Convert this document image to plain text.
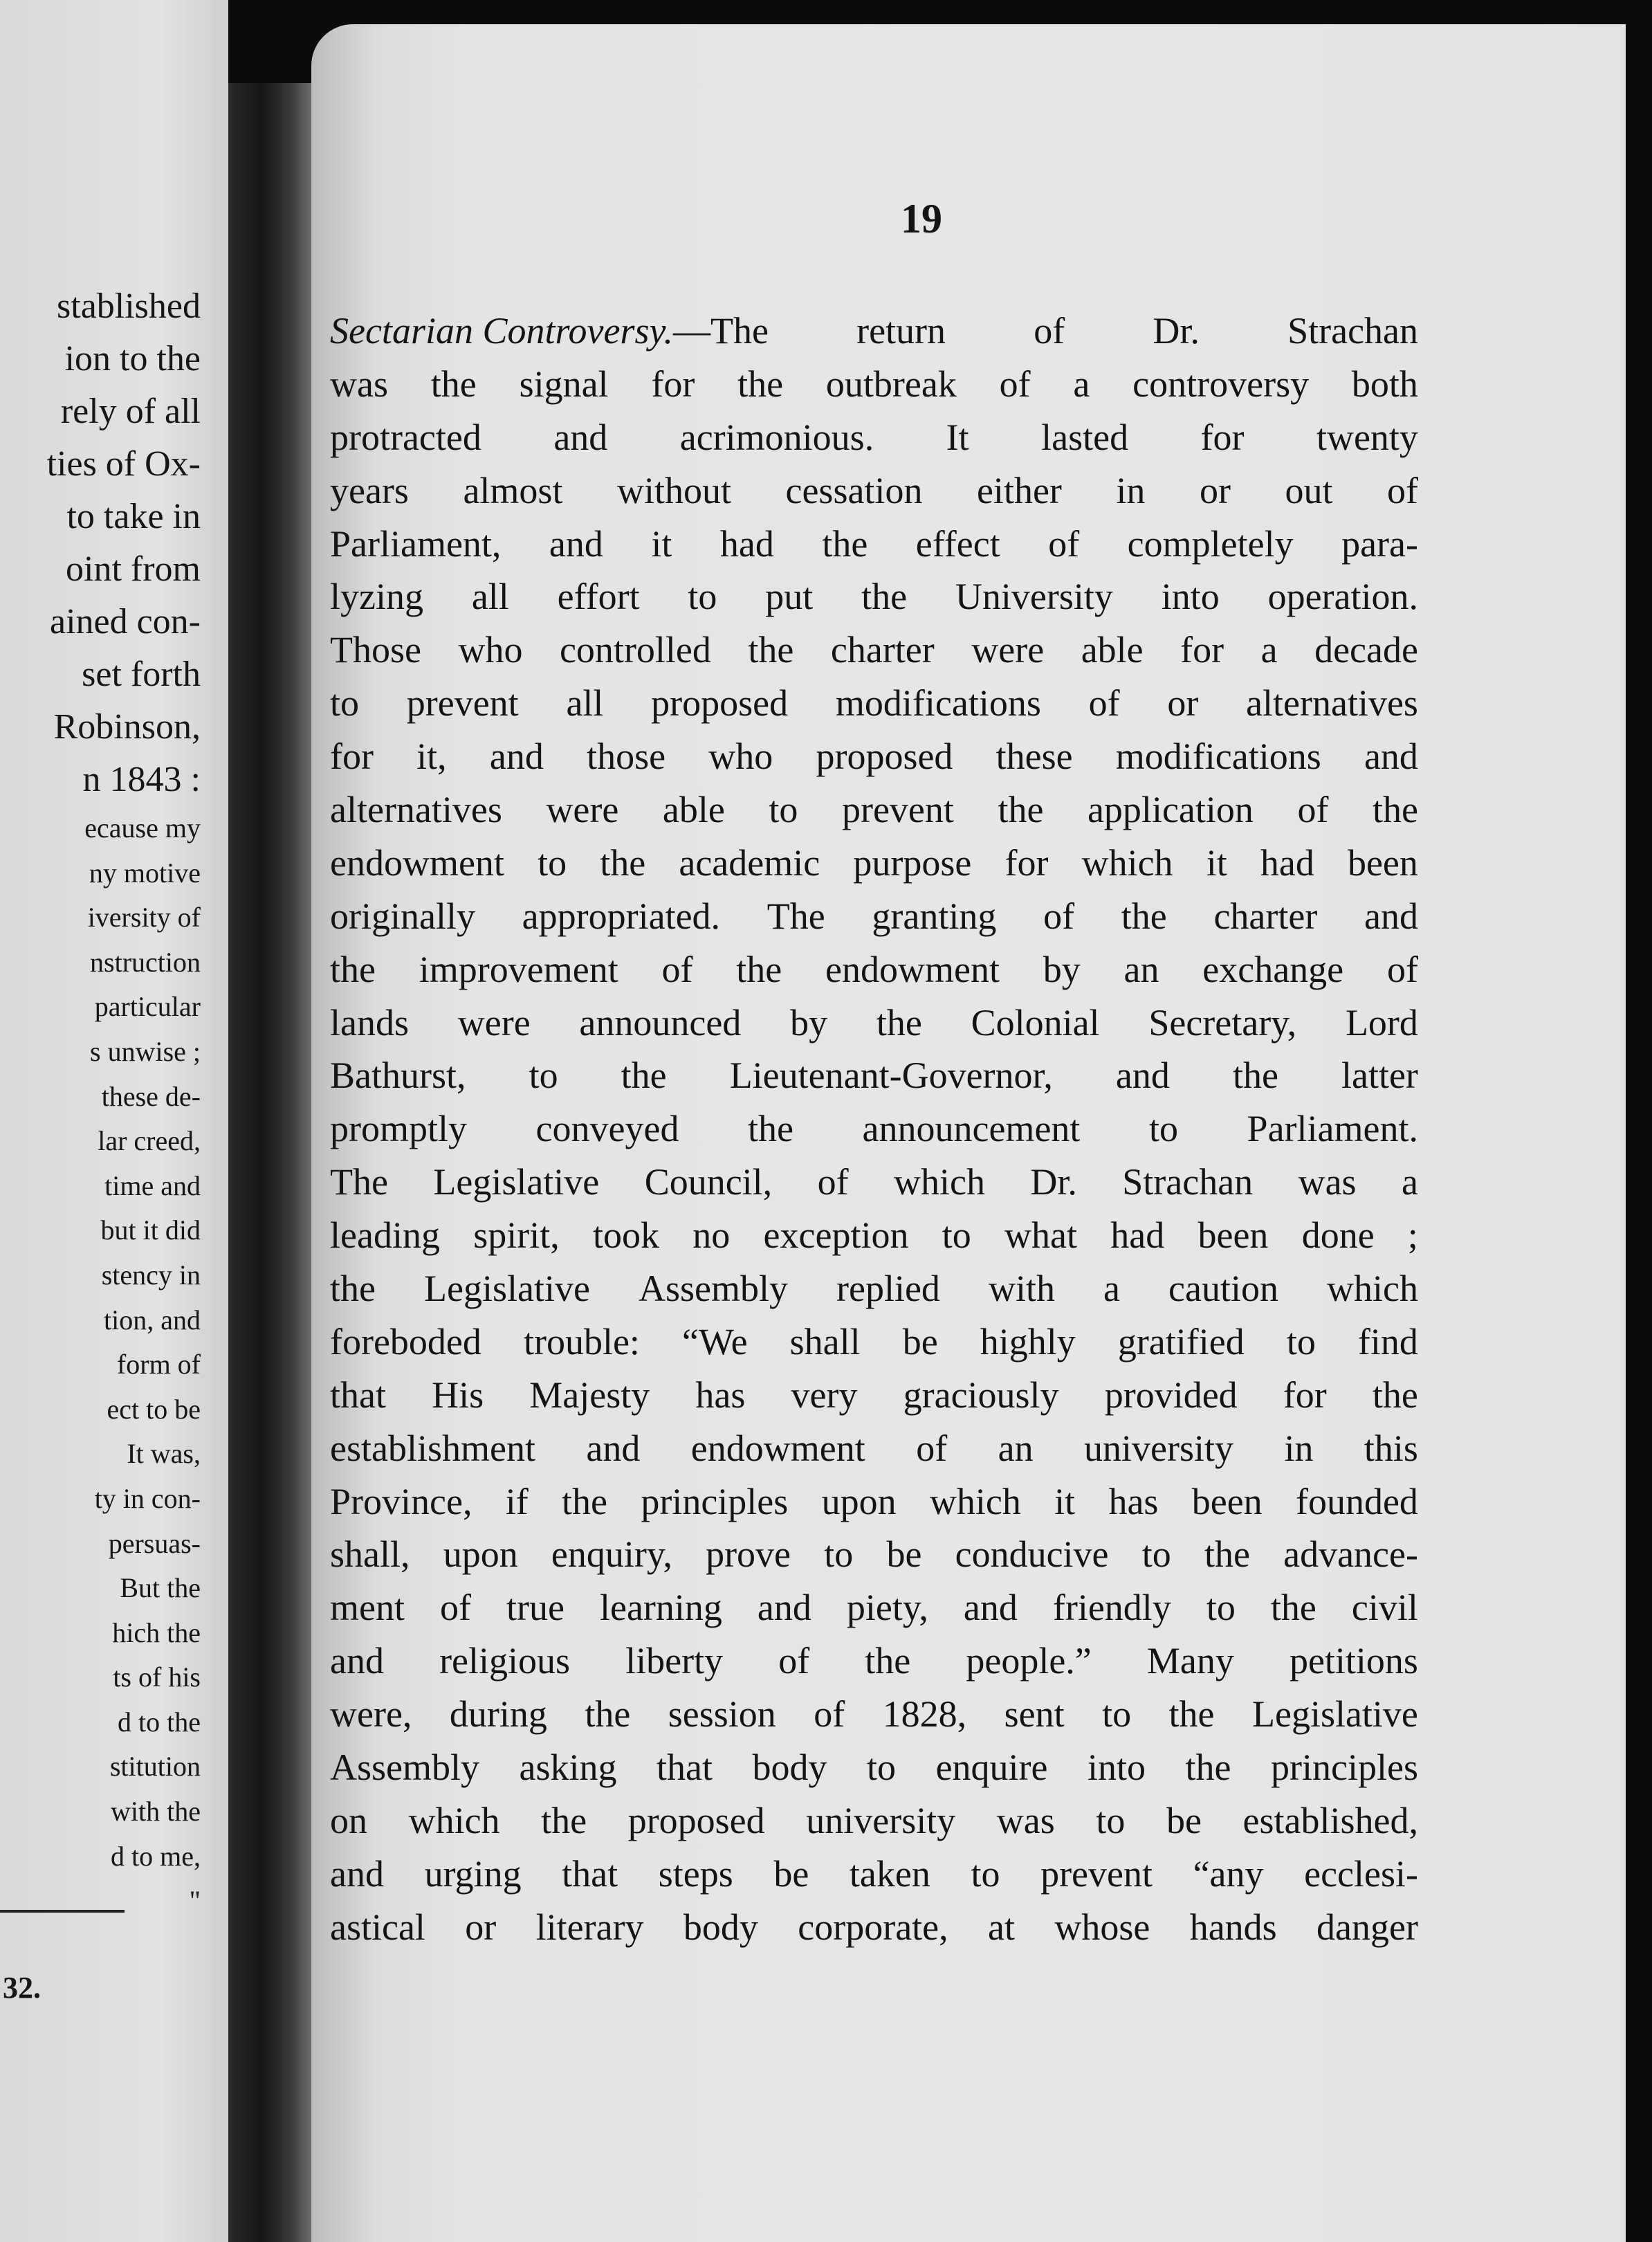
stablished
ion to the
rely of all
ties of Ox-
to take in
oint from
ained con-
set forth
Robinson,
n 1843 :
ecause my
ny motive
iversity of
nstruction
particular
s unwise ;
these de-
lar creed,
time and
but it did
stency in
tion, and
form of
ect to be
It was,
ty in con-
persuas-
But the
hich the
ts of his
d to the
stitution
with the
d to me,
"
32.
19
Sectarian Controversy.—The return of Dr. Strachan
was the signal for the outbreak of a controversy both
protracted and acrimonious. It lasted for twenty
years almost without cessation either in or out of
Parliament, and it had the effect of completely para-
lyzing all effort to put the University into operation.
Those who controlled the charter were able for a decade
to prevent all proposed modifications of or alternatives
for it, and those who proposed these modifications and
alternatives were able to prevent the application of the
endowment to the academic purpose for which it had been
originally appropriated. The granting of the charter and
the improvement of the endowment by an exchange of
lands were announced by the Colonial Secretary, Lord
Bathurst, to the Lieutenant-Governor, and the latter
promptly conveyed the announcement to Parliament.
The Legislative Council, of which Dr. Strachan was a
leading spirit, took no exception to what had been done ;
the Legislative Assembly replied with a caution which
foreboded trouble: “We shall be highly gratified to find
that His Majesty has very graciously provided for the
establishment and endowment of an university in this
Province, if the principles upon which it has been founded
shall, upon enquiry, prove to be conducive to the advance-
ment of true learning and piety, and friendly to the civil
and religious liberty of the people.” Many petitions
were, during the session of 1828, sent to the Legislative
Assembly asking that body to enquire into the principles
on which the proposed university was to be established,
and urging that steps be taken to prevent “any ecclesi-
astical or literary body corporate, at whose hands danger
